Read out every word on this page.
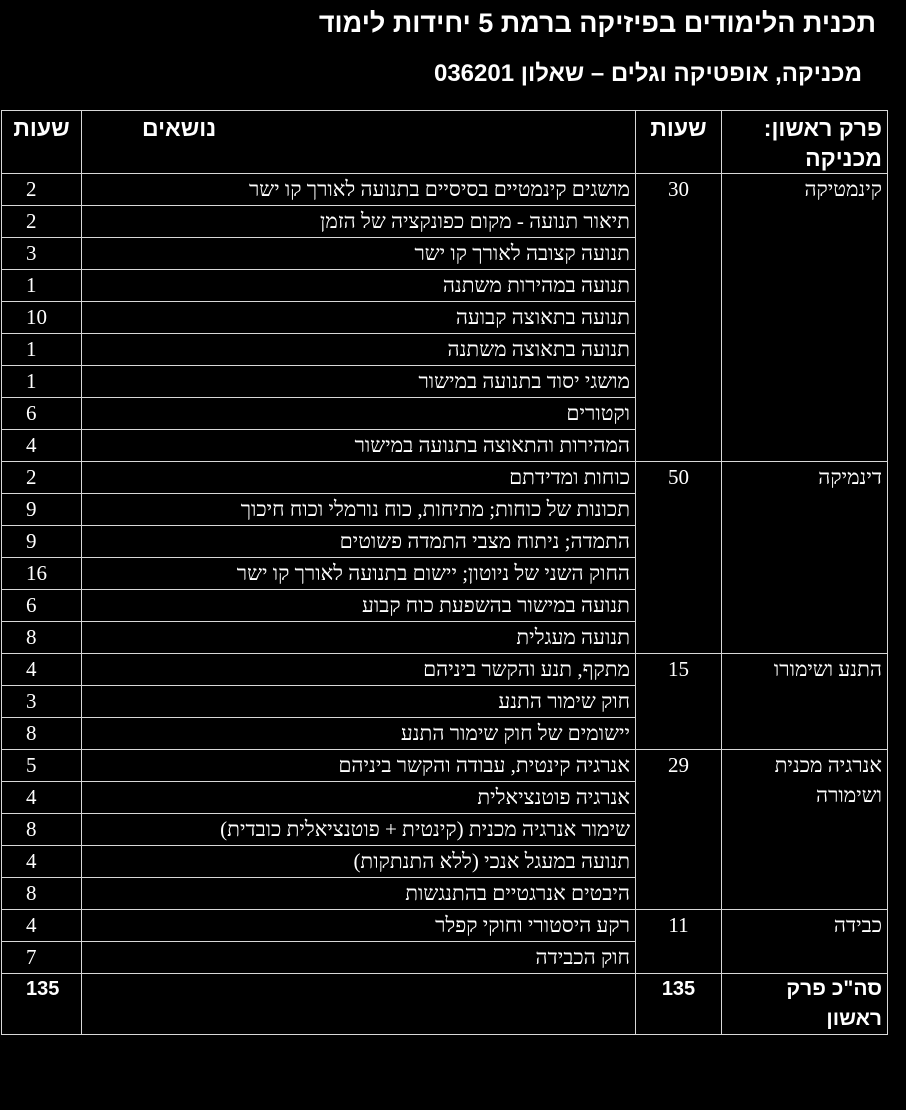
תכנית הלימודים בפיזיקה ברמת 5 יחידות לימוד
מכניקה, אופטיקה וגלים – שאלון 036201
פרק ראשון: מכניקה	שעות	נושאים	שעות
קינמטיקה	30	מושגים קינמטיים בסיסיים בתנועה לאורך קו ישר	2
		תיאור תנועה - מקום כפונקציה של הזמן	2
		תנועה קצובה לאורך קו ישר	3
		תנועה במהירות משתנה	1
		תנועה בתאוצה קבועה	10
		תנועה בתאוצה משתנה	1
		מושגי יסוד בתנועה במישור	1
		וקטורים	6
		המהירות והתאוצה בתנועה במישור	4
דינמיקה	50	כוחות ומדידתם	2
		תכונות של כוחות; מתיחות, כוח נורמלי וכוח חיכוך	9
		התמדה; ניתוח מצבי התמדה פשוטים	9
		החוק השני של ניוטון; יישום בתנועה לאורך קו ישר	16
		תנועה במישור בהשפעת כוח קבוע	6
		תנועה מעגלית	8
התנע ושימורו	15	מתקף, תנע והקשר ביניהם	4
		חוק שימור התנע	3
		יישומים של חוק שימור התנע	8
אנרגיה מכנית ושימורה	29	אנרגיה קינטית, עבודה והקשר ביניהם	5
		אנרגיה פוטנציאלית	4
		שימור אנרגיה מכנית (קינטית + פוטנציאלית כובדית)	8
		תנועה במעגל אנכי (ללא התנתקות)	4
		היבטים אנרגטיים בהתנגשות	8
כבידה	11	רקע היסטורי וחוקי קפלר	4
		חוק הכבידה	7
סה"כ פרק ראשון	135		135
